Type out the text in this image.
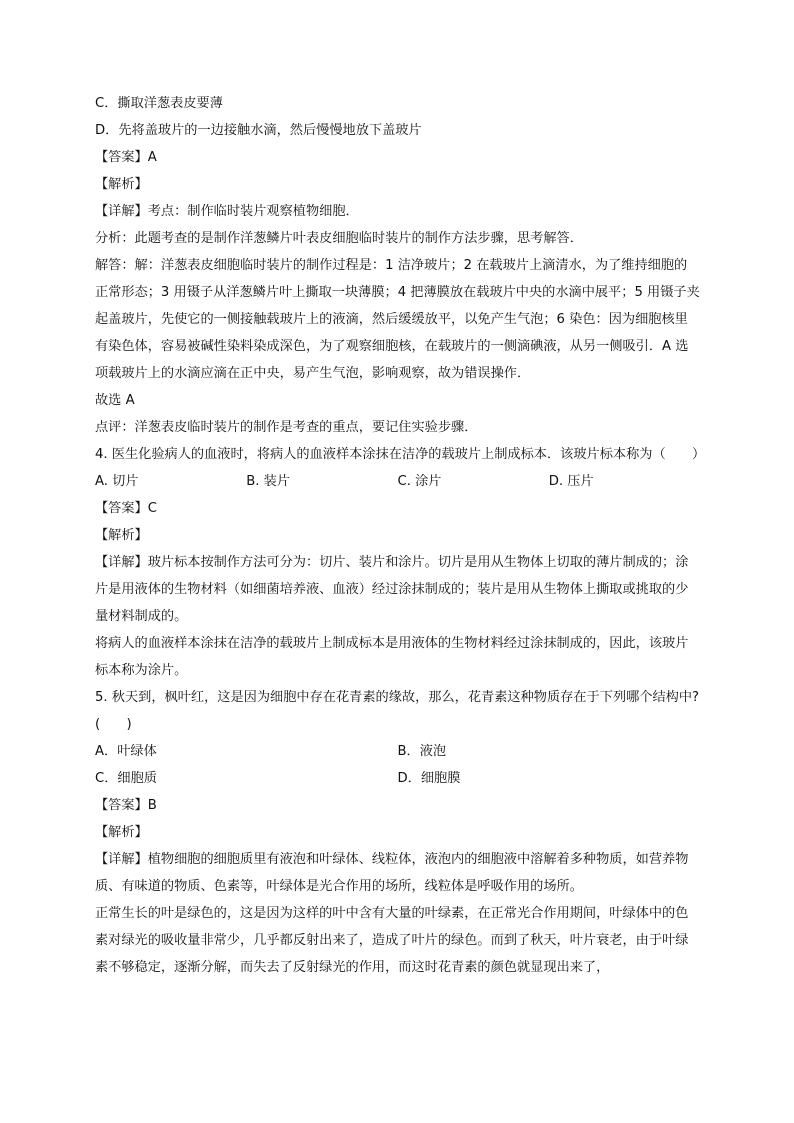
C．撕取洋葱表皮要薄
D．先将盖玻片的一边接触水滴，然后慢慢地放下盖玻片
【答案】A
【解析】
【详解】考点：制作临时装片观察植物细胞．
分析：此题考查的是制作洋葱鳞片叶表皮细胞临时装片的制作方法步骤，思考解答．
解答：解：洋葱表皮细胞临时装片的制作过程是：1 洁净玻片；2 在载玻片上滴清水，为了维持细胞的正常形态；3 用镊子从洋葱鳞片叶上撕取一块薄膜；4 把薄膜放在载玻片中央的水滴中展平；5 用镊子夹起盖玻片，先使它的一侧接触载玻片上的液滴，然后缓缓放平，以免产生气泡；6 染色：因为细胞核里有染色体，容易被碱性染料染成深色，为了观察细胞核，在载玻片的一侧滴碘液，从另一侧吸引．A 选项载玻片上的水滴应滴在正中央，易产生气泡，影响观察，故为错误操作．
故选 A
点评：洋葱表皮临时装片的制作是考查的重点，要记住实验步骤．
4. 医生化验病人的血液时，将病人的血液样本涂抹在洁净的载玻片上制成标本．该玻片标本称为（　　）
A. 切片	B. 装片	C. 涂片	D. 压片
【答案】C
【解析】
【详解】玻片标本按制作方法可分为：切片、装片和涂片。切片是用从生物体上切取的薄片制成的；涂片是用液体的生物材料（如细菌培养液、血液）经过涂抹制成的；装片是用从生物体上撕取或挑取的少量材料制成的。
将病人的血液样本涂抹在洁净的载玻片上制成标本是用液体的生物材料经过涂抹制成的，因此，该玻片标本称为涂片。
5. 秋天到，枫叶红，这是因为细胞中存在花青素的缘故，那么，花青素这种物质存在于下列哪个结构中?(　　)
A．叶绿体	B．液泡
C．细胞质	D．细胞膜
【答案】B
【解析】
【详解】植物细胞的细胞质里有液泡和叶绿体、线粒体，液泡内的细胞液中溶解着多种物质，如营养物质、有味道的物质、色素等，叶绿体是光合作用的场所，线粒体是呼吸作用的场所。
正常生长的叶是绿色的，这是因为这样的叶中含有大量的叶绿素，在正常光合作用期间，叶绿体中的色素对绿光的吸收量非常少，几乎都反射出来了，造成了叶片的绿色。而到了秋天，叶片衰老，由于叶绿素不够稳定，逐渐分解，而失去了反射绿光的作用，而这时花青素的颜色就显现出来了，
